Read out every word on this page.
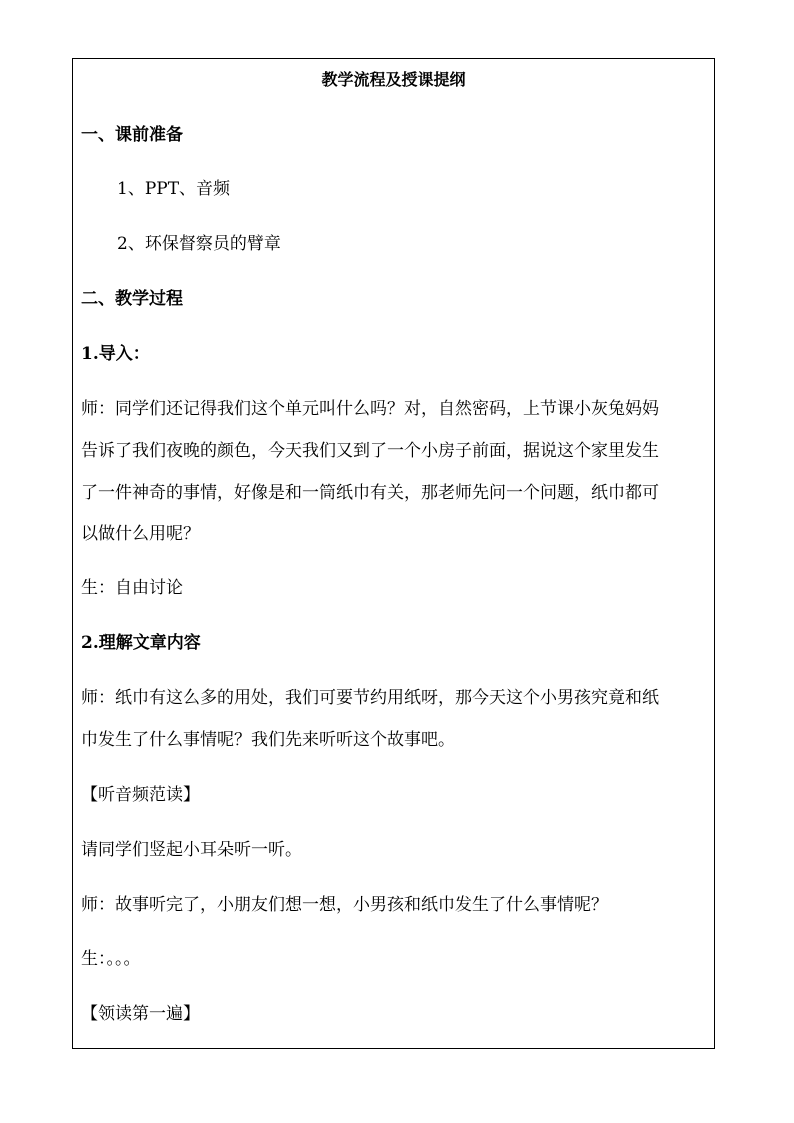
教学流程及授课提纲

一、课前准备

1、PPT、音频

2、环保督察员的臂章

二、教学过程

1.导入：

师：同学们还记得我们这个单元叫什么吗？对，自然密码，上节课小灰兔妈妈

告诉了我们夜晚的颜色，今天我们又到了一个小房子前面，据说这个家里发生

了一件神奇的事情，好像是和一筒纸巾有关，那老师先问一个问题，纸巾都可

以做什么用呢？

生：自由讨论

2.理解文章内容

师：纸巾有这么多的用处，我们可要节约用纸呀，那今天这个小男孩究竟和纸

巾发生了什么事情呢？我们先来听听这个故事吧。

【听音频范读】

请同学们竖起小耳朵听一听。

师：故事听完了，小朋友们想一想，小男孩和纸巾发生了什么事情呢？

生：。。。

【领读第一遍】
